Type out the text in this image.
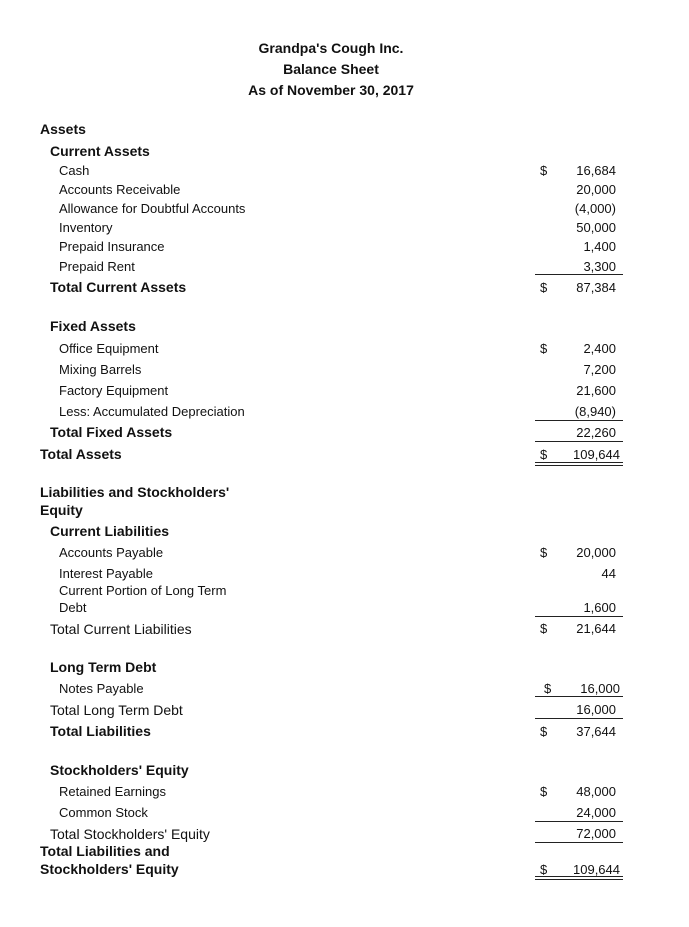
Grandpa's Cough Inc.
Balance Sheet
As of November 30, 2017
Assets
Current Assets
Cash	$ 16,684
Accounts Receivable	20,000
Allowance for Doubtful Accounts	(4,000)
Inventory	50,000
Prepaid Insurance	1,400
Prepaid Rent	3,300
Total Current Assets	$ 87,384
Fixed Assets
Office Equipment	$	2,400
Mixing Barrels	7,200
Factory Equipment	21,600
Less: Accumulated Depreciation	(8,940)
Total Fixed Assets	22,260
Total Assets	$ 109,644
Liabilities and Stockholders'
Equity
Current Liabilities
Accounts Payable	$ 20,000
Interest Payable	44
Current Portion of Long Term
Debt	1,600
Total Current Liabilities	$ 21,644
Long Term Debt
Notes Payable	$ 16,000
Total Long Term Debt	16,000
Total Liabilities	$ 37,644
Stockholders' Equity
Retained Earnings	$ 48,000
Common Stock	24,000
Total Stockholders' Equity	72,000
Total Liabilities and
Stockholders' Equity	$ 109,644
